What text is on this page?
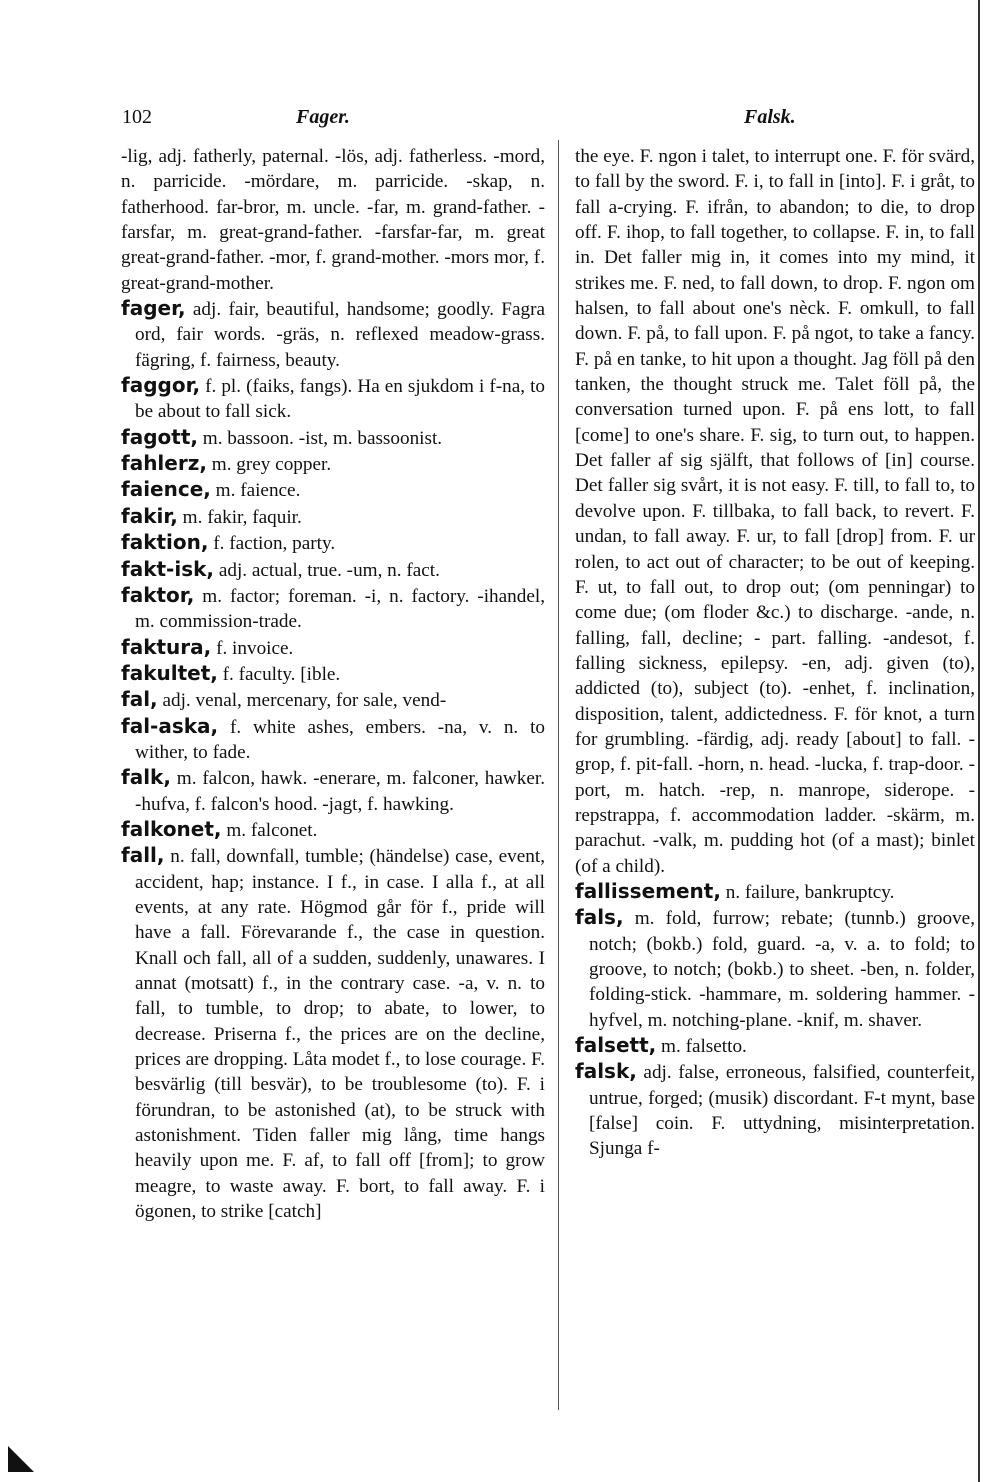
102	Fager.	Falsk.

-lig, adj. fatherly, paternal. -lös, adj. fatherless. -mord, n. parricide. -mördare, m. parricide. -skap, n. fatherhood. far-bror, m. uncle. -far, m. grand-father. -farsfar, m. great-grand-father. -farsfar-far, m. great great-grand-father. -mor, f. grand-mother. -mors mor, f. great-grand-mother.

fager, adj. fair, beautiful, handsome; goodly. Fagra ord, fair words. -gräs, n. reflexed meadow-grass. fägring, f. fairness, beauty.

faggor, f. pl. (faiks, fangs). Ha en sjukdom i f-na, to be about to fall sick.

fagott, m. bassoon. -ist, m. bassoonist.

fahlerz, m. grey copper.

faience, m. faience.

fakir, m. fakir, faquir.

faktion, f. faction, party.

fakt-isk, adj. actual, true. -um, n. fact.

faktor, m. factor; foreman. -i, n. factory. -ihandel, m. commission-trade.

faktura, f. invoice.

fakultet, f. faculty. [ible.

fal, adj. venal, mercenary, for sale, vend-

fal-aska, f. white ashes, embers. -na, v. n. to wither, to fade.

falk, m. falcon, hawk. -enerare, m. falconer, hawker. -hufva, f. falcon's hood. -jagt, f. hawking.

falkonet, m. falconet.

fall, n. fall, downfall, tumble; (händelse) case, event, accident, hap; instance. I f., in case. I alla f., at all events, at any rate. Högmod går för f., pride will have a fall. Förevarande f., the case in question. Knall och fall, all of a sudden, suddenly, unawares. I annat (motsatt) f., in the contrary case. -a, v. n. to fall, to tumble, to drop; to abate, to lower, to decrease. Priserna f., the prices are on the decline, prices are dropping. Låta modet f., to lose courage. F. besvärlig (till besvär), to be troublesome (to). F. i förundran, to be astonished (at), to be struck with astonishment. Tiden faller mig lång, time hangs heavily upon me. F. af, to fall off [from]; to grow meagre, to waste away. F. bort, to fall away. F. i ögonen, to strike [catch]

the eye. F. ngon i talet, to interrupt one. F. för svärd, to fall by the sword. F. i, to fall in [into]. F. i gråt, to fall a-crying. F. ifrån, to abandon; to die, to drop off. F. ihop, to fall together, to collapse. F. in, to fall in. Det faller mig in, it comes into my mind, it strikes me. F. ned, to fall down, to drop. F. ngon om halsen, to fall about one's nèck. F. omkull, to fall down. F. på, to fall upon. F. på ngot, to take a fancy. F. på en tanke, to hit upon a thought. Jag föll på den tanken, the thought struck me. Talet föll på, the conversation turned upon. F. på ens lott, to fall [come] to one's share. F. sig, to turn out, to happen. Det faller af sig själft, that follows of [in] course. Det faller sig svårt, it is not easy. F. till, to fall to, to devolve upon. F. tillbaka, to fall back, to revert. F. undan, to fall away. F. ur, to fall [drop] from. F. ur rolen, to act out of character; to be out of keeping. F. ut, to fall out, to drop out; (om penningar) to come due; (om floder &c.) to discharge. -ande, n. falling, fall, decline; - part. falling. -andesot, f. falling sickness, epilepsy. -en, adj. given (to), addicted (to), subject (to). -enhet, f. inclination, disposition, talent, addictedness. F. för knot, a turn for grumbling. -färdig, adj. ready [about] to fall. -grop, f. pit-fall. -horn, n. head. -lucka, f. trap-door. -port, m. hatch. -rep, n. manrope, siderope. -repstrappa, f. accommodation ladder. -skärm, m. parachut. -valk, m. pudding hot (of a mast); binlet (of a child).

fallissement, n. failure, bankruptcy.

fals, m. fold, furrow; rebate; (tunnb.) groove, notch; (bokb.) fold, guard. -a, v. a. to fold; to groove, to notch; (bokb.) to sheet. -ben, n. folder, folding-stick. -hammare, m. soldering hammer. -hyfvel, m. notching-plane. -knif, m. shaver.

falsett, m. falsetto.

falsk, adj. false, erroneous, falsified, counterfeit, untrue, forged; (musik) discordant. F-t mynt, base [false] coin. F. uttydning, misinterpretation. Sjunga f-
